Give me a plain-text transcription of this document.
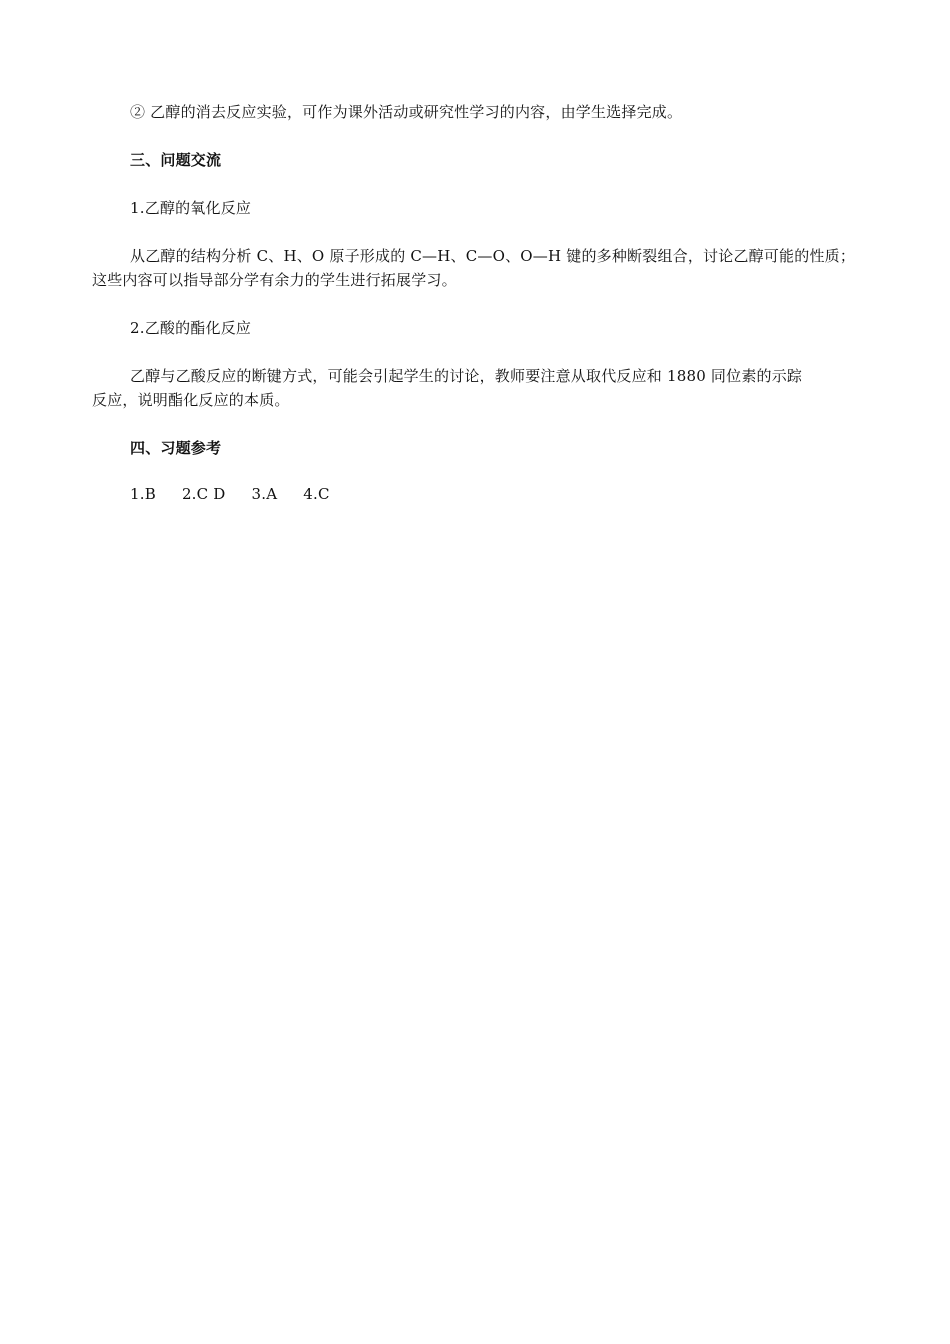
② 乙醇的消去反应实验，可作为课外活动或研究性学习的内容，由学生选择完成。
三、问题交流
1.乙醇的氧化反应
从乙醇的结构分析 C、H、O 原子形成的 C—H、C—O、O—H 键的多种断裂组合，讨论乙醇可能的性质；
这些内容可以指导部分学有余力的学生进行拓展学习。
2.乙酸的酯化反应
乙醇与乙酸反应的断键方式，可能会引起学生的讨论，教师要注意从取代反应和 1880 同位素的示踪
反应，说明酯化反应的本质。
四、习题参考
1.B 2.C D 3.A 4.C
